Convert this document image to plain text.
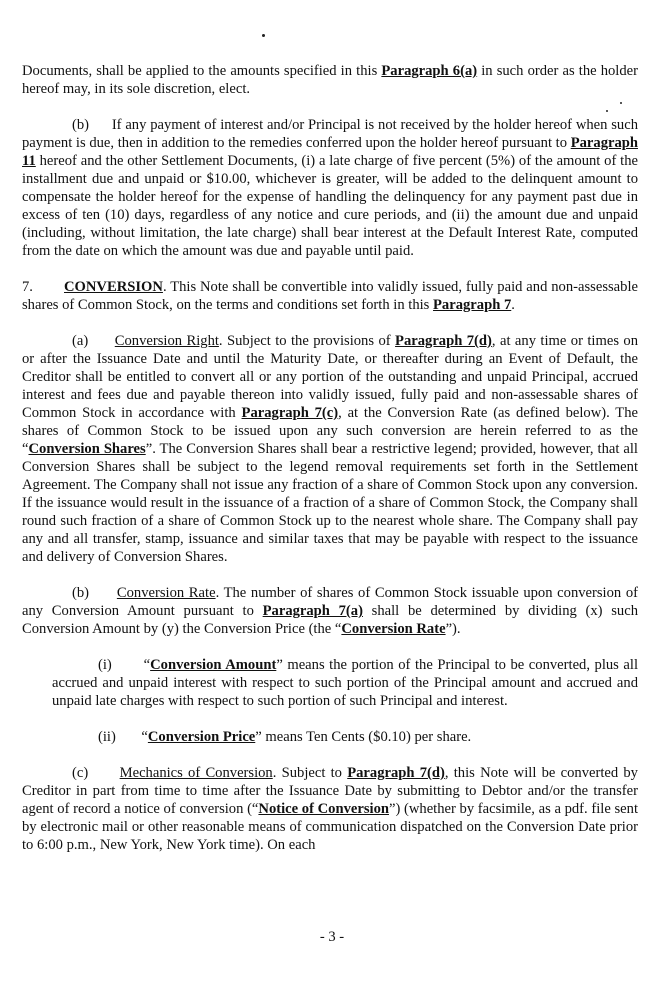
Documents, shall be applied to the amounts specified in this Paragraph 6(a) in such order as the holder hereof may, in its sole discretion, elect.

(b) If any payment of interest and/or Principal is not received by the holder hereof when such payment is due, then in addition to the remedies conferred upon the holder hereof pursuant to Paragraph 11 hereof and the other Settlement Documents, (i) a late charge of five percent (5%) of the amount of the installment due and unpaid or $10.00, whichever is greater, will be added to the delinquent amount to compensate the holder hereof for the expense of handling the delinquency for any payment past due in excess of ten (10) days, regardless of any notice and cure periods, and (ii) the amount due and unpaid (including, without limitation, the late charge) shall bear interest at the Default Interest Rate, computed from the date on which the amount was due and payable until paid.

7. CONVERSION. This Note shall be convertible into validly issued, fully paid and non-assessable shares of Common Stock, on the terms and conditions set forth in this Paragraph 7.

(a) Conversion Right. Subject to the provisions of Paragraph 7(d), at any time or times on or after the Issuance Date and until the Maturity Date, or thereafter during an Event of Default, the Creditor shall be entitled to convert all or any portion of the outstanding and unpaid Principal, accrued interest and fees due and payable thereon into validly issued, fully paid and non-assessable shares of Common Stock in accordance with Paragraph 7(c), at the Conversion Rate (as defined below). The shares of Common Stock to be issued upon any such conversion are herein referred to as the “Conversion Shares”. The Conversion Shares shall bear a restrictive legend; provided, however, that all Conversion Shares shall be subject to the legend removal requirements set forth in the Settlement Agreement. The Company shall not issue any fraction of a share of Common Stock upon any conversion. If the issuance would result in the issuance of a fraction of a share of Common Stock, the Company shall round such fraction of a share of Common Stock up to the nearest whole share. The Company shall pay any and all transfer, stamp, issuance and similar taxes that may be payable with respect to the issuance and delivery of Conversion Shares.

(b) Conversion Rate. The number of shares of Common Stock issuable upon conversion of any Conversion Amount pursuant to Paragraph 7(a) shall be determined by dividing (x) such Conversion Amount by (y) the Conversion Price (the “Conversion Rate”).

(i) “Conversion Amount” means the portion of the Principal to be converted, plus all accrued and unpaid interest with respect to such portion of the Principal amount and accrued and unpaid late charges with respect to such portion of such Principal and interest.

(ii) “Conversion Price” means Ten Cents ($0.10) per share.

(c) Mechanics of Conversion. Subject to Paragraph 7(d), this Note will be converted by Creditor in part from time to time after the Issuance Date by submitting to Debtor and/or the transfer agent of record a notice of conversion (“Notice of Conversion”) (whether by facsimile, as a pdf. file sent by electronic mail or other reasonable means of communication dispatched on the Conversion Date prior to 6:00 p.m., New York, New York time). On each

- 3 -
